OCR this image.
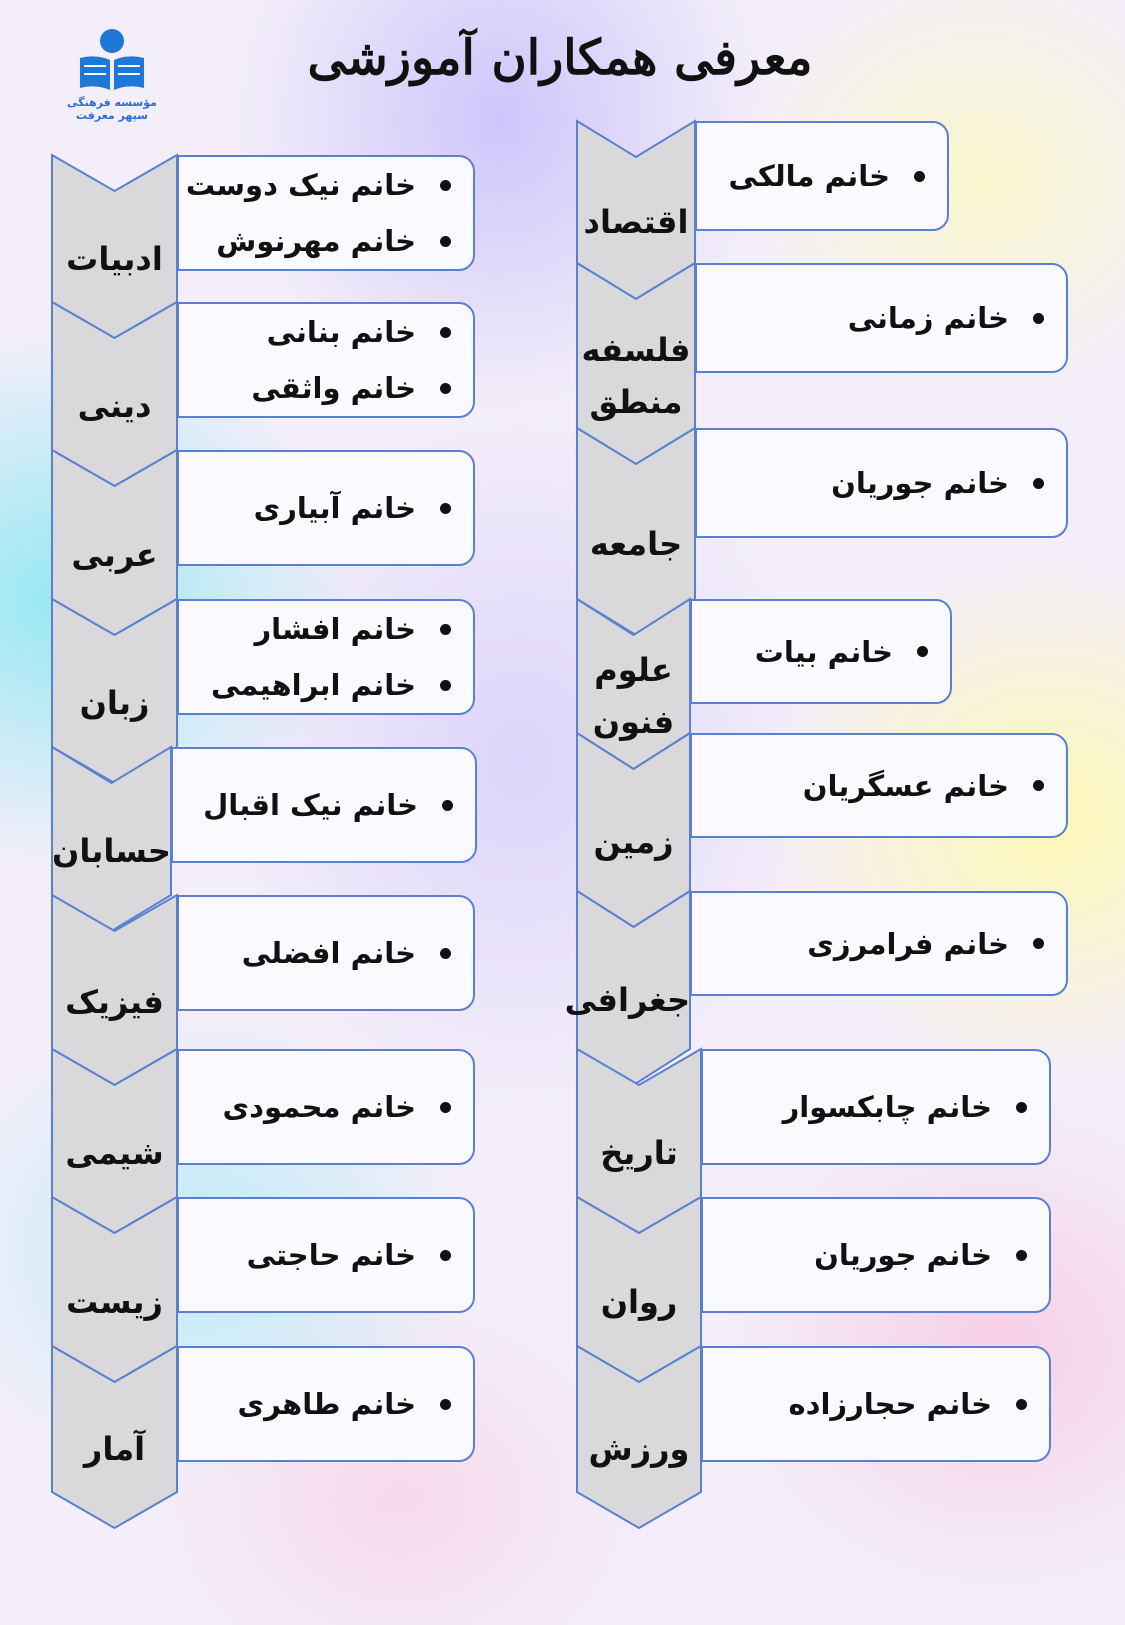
مؤسسه فرهنگی
سپهر معرفت
معرفی همکاران آموزشی
ادبیات
خانم نیک دوست
خانم مهرنوش
دینی
خانم بنانی
خانم واثقی
عربی
خانم آبیاری
زبان
خانم افشار
خانم ابراهیمی
حسابان
خانم نیک اقبال
فیزیک
خانم افضلی
شیمی
خانم محمودی
زیست
خانم حاجتی
آمار
خانم طاهری
اقتصاد
خانم مالکی
فلسفه
منطق
خانم زمانی
جامعه
خانم جوریان
علوم
فنون
خانم بیات
زمین
خانم عسگریان
جغرافی
خانم فرامرزی
تاریخ
خانم چابکسوار
روان
خانم جوریان
ورزش
خانم حجارزاده
